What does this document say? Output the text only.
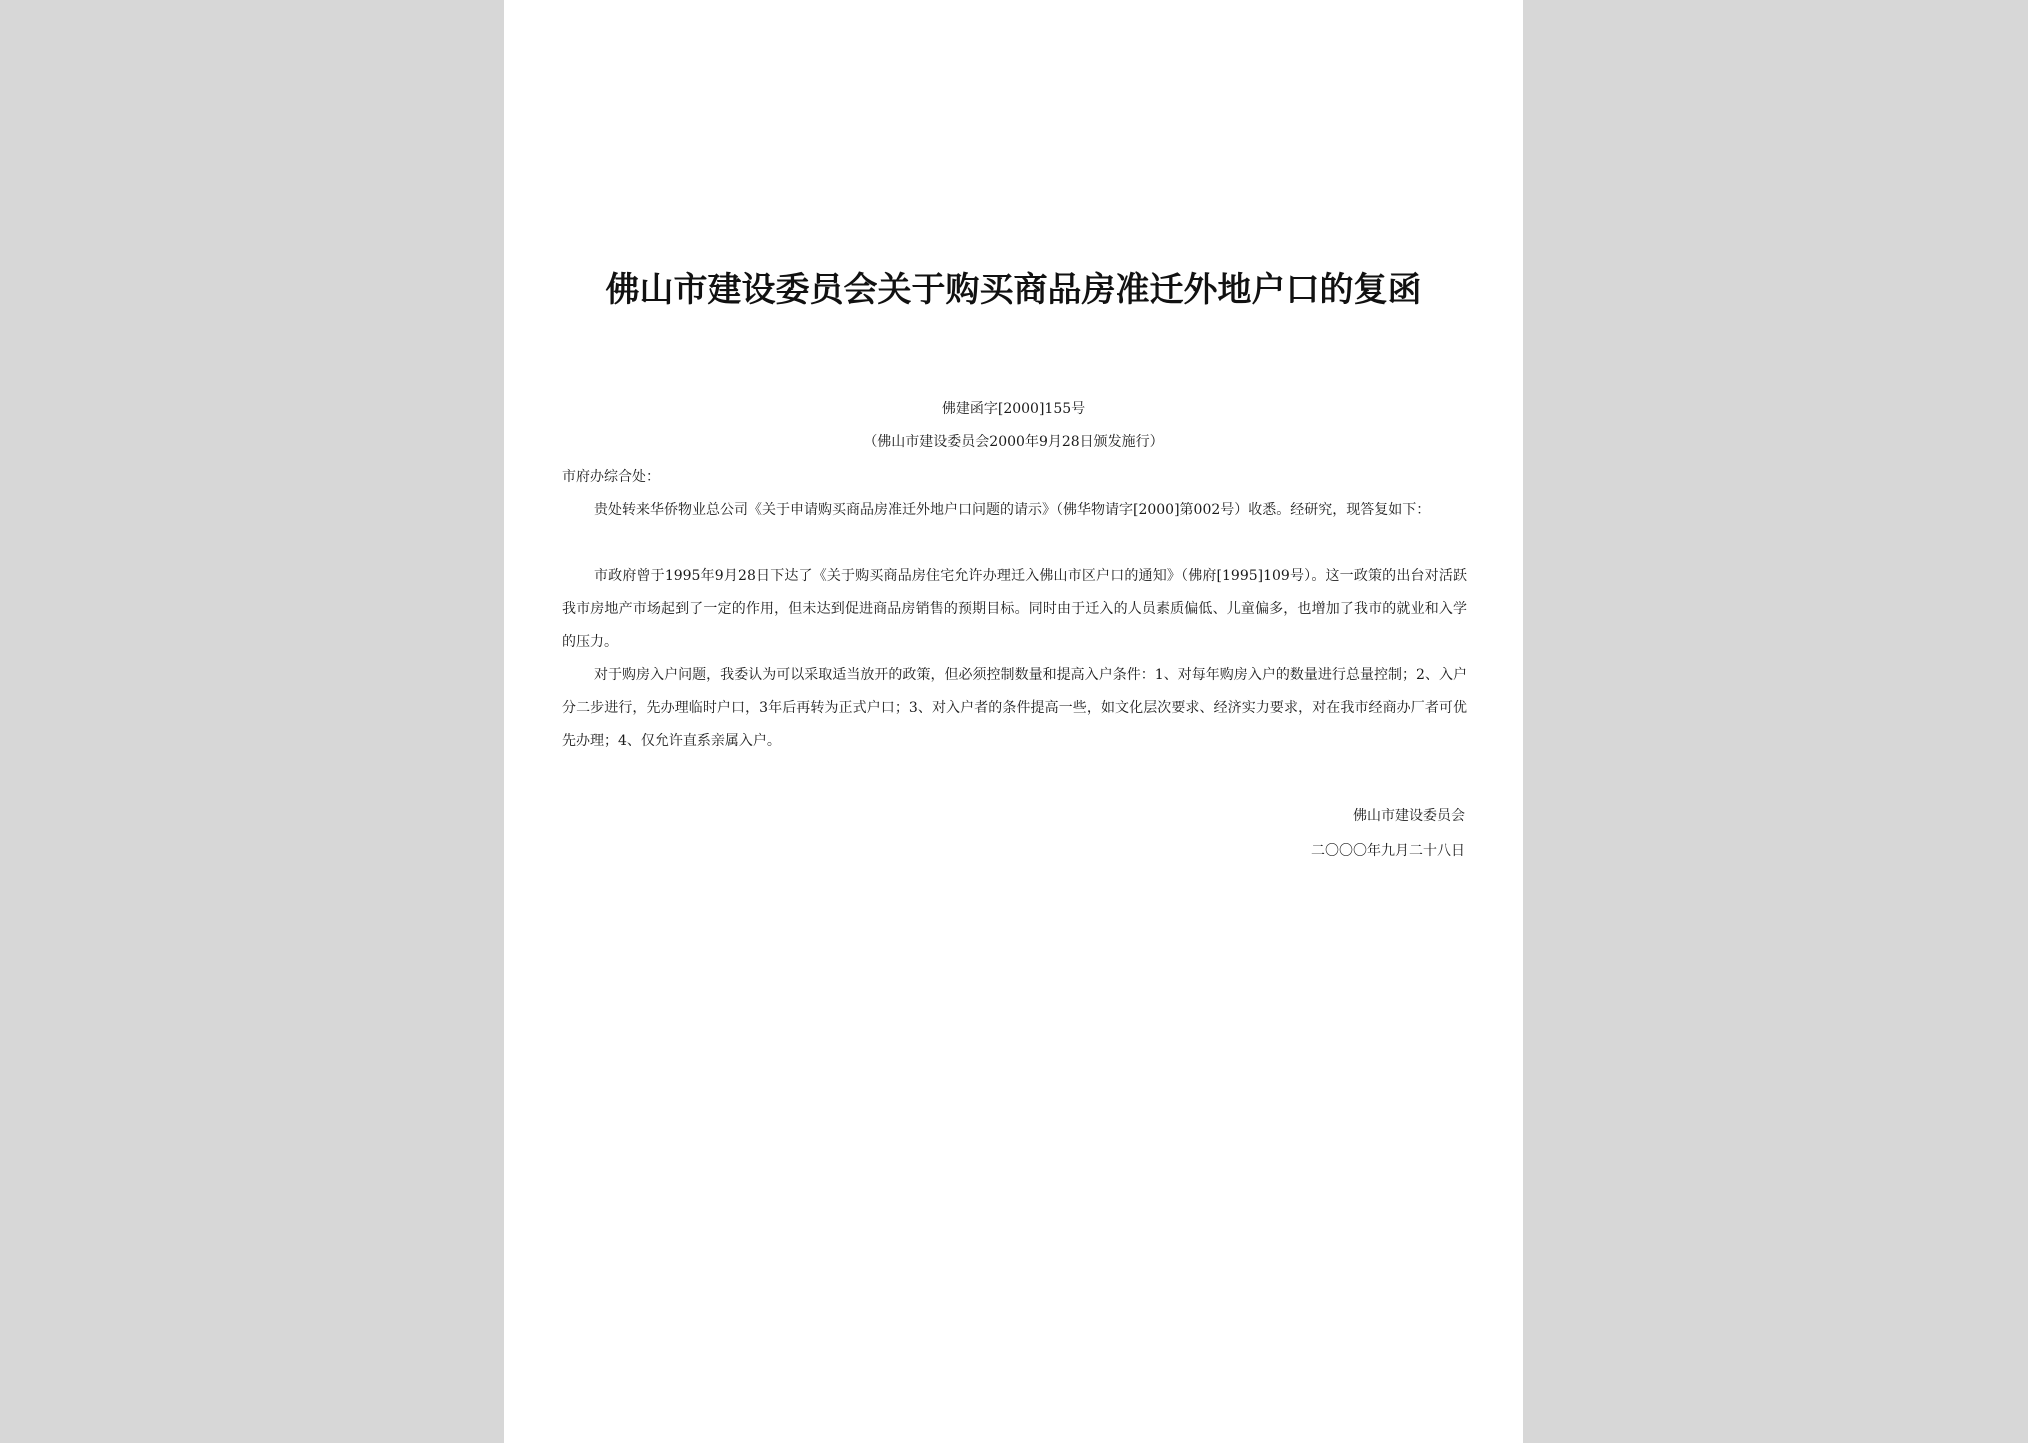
佛山市建设委员会关于购买商品房准迁外地户口的复函
佛建函字[2000]155号
（佛山市建设委员会2000年9月28日颁发施行）
市府办综合处：
贵处转来华侨物业总公司《关于申请购买商品房准迁外地户口问题的请示》（佛华物请字[2000]第002号）收悉。经研究，现答复如下：
市政府曾于1995年9月28日下达了《关于购买商品房住宅允许办理迁入佛山市区户口的通知》（佛府[1995]109号）。这一政策的出台对活跃我市房地产市场起到了一定的作用，但未达到促进商品房销售的预期目标。同时由于迁入的人员素质偏低、儿童偏多，也增加了我市的就业和入学的压力。
对于购房入户问题，我委认为可以采取适当放开的政策，但必须控制数量和提高入户条件：1、对每年购房入户的数量进行总量控制；2、入户分二步进行，先办理临时户口，3年后再转为正式户口；3、对入户者的条件提高一些，如文化层次要求、经济实力要求，对在我市经商办厂者可优先办理；4、仅允许直系亲属入户。
佛山市建设委员会
二〇〇〇年九月二十八日
